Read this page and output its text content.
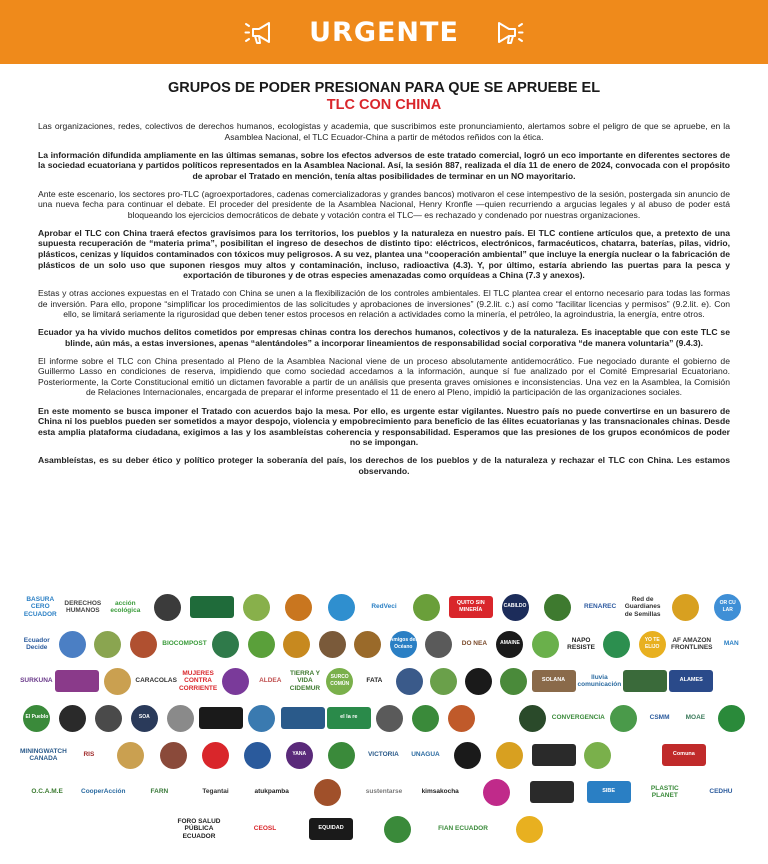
URGENTE
GRUPOS DE PODER PRESIONAN PARA QUE SE APRUEBE EL
TLC CON CHINA

Las organizaciones, redes, colectivos de derechos humanos, ecologistas y academia, que suscribimos este pronunciamiento, alertamos sobre el peligro de que se apruebe, en la Asamblea Nacional, el TLC Ecuador-China a partir de métodos reñidos con la ética.

La información difundida ampliamente en las últimas semanas, sobre los efectos adversos de este tratado comercial, logró un eco importante en diferentes sectores de la sociedad ecuatoriana y partidos políticos representados en la Asamblea Nacional. Así, la sesión 887, realizada el día 11 de enero de 2024, convocada con el propósito de aprobar el Tratado en mención, tenía altas posibilidades de terminar en un NO mayoritario.

Ante este escenario, los sectores pro-TLC (agroexportadores, cadenas comercializadoras y grandes bancos) motivaron el cese intempestivo de la sesión, postergada sin anuncio de una nueva fecha para continuar el debate. El proceder del presidente de la Asamblea Nacional, Henry Kronfle —quien recurriendo a argucias legales y al abuso de poder está bloqueando los ejercicios democráticos de debate y votación contra el TLC— es rechazado y condenado por nuestras organizaciones.

Aprobar el TLC con China traerá efectos gravísimos para los territorios, los pueblos y la naturaleza en nuestro país. El TLC contiene artículos que, a pretexto de una supuesta recuperación de “materia prima”, posibilitan el ingreso de desechos de distinto tipo: eléctricos, electrónicos, farmacéuticos, chatarra, baterías, pilas, vidrio, plásticos, cenizas y líquidos contaminados con tóxicos muy peligrosos. A su vez, plantea una “cooperación ambiental” que incluye la energía nuclear o la fabricación de plásticos de un solo uso que suponen riesgos muy altos y contaminación, incluso, radioactiva (4.3). Y, por último, estaría abriendo las puertas para la pesca y exportación de tiburones y de otras especies amenazadas como orquídeas a China (7.3 y anexos).

Estas y otras acciones expuestas en el Tratado con China se unen a la flexibilización de los controles ambientales. El TLC plantea crear el entorno necesario para todas las formas de inversión. Para ello, propone “simplificar los procedimientos de las solicitudes y aprobaciones de inversiones” (9.2.lit. c.) así como “facilitar licencias y permisos” (9.2.lit. e). Con ello, se limitará seriamente la rigurosidad que deben tener estos procesos en relación a actividades como la minería, el petróleo, la agroindustria, la energía, entre otros.

Ecuador ya ha vivido muchos delitos cometidos por empresas chinas contra los derechos humanos, colectivos y de la naturaleza. Es inaceptable que con este TLC se blinde, aún más, a estas inversiones, apenas “alentándoles” a incorporar lineamientos de responsabilidad social corporativa “de manera voluntaria” (9.4.3).

El informe sobre el TLC con China presentado al Pleno de la Asamblea Nacional viene de un proceso absolutamente antidemocrático. Fue negociado durante el gobierno de Guillermo Lasso en condiciones de reserva, impidiendo que como sociedad accedamos a la información, aunque sí fue analizado por el Comité Empresarial Ecuatoriano. Posteriormente, la Corte Constitucional emitió un dictamen favorable a partir de un análisis que presenta graves omisiones e inconsistencias. Una vez en la Asamblea, la Comisión de Relaciones Internacionales, encargada de preparar el informe presentado el 11 de enero al Pleno, impidió la participación de las organizaciones sociales.

En este momento se busca imponer el Tratado con acuerdos bajo la mesa. Por ello, es urgente estar vigilantes. Nuestro país no puede convertirse en un basurero de China ni los pueblos pueden ser sometidos a mayor despojo, violencia y empobrecimiento para beneficio de las élites ecuatorianas y las transnacionales chinas. Desde esta amplia plataforma ciudadana, exigimos a las y los asambleístas coherencia y responsabilidad. Esperamos que las presiones de los grupos económicos de poder no se impongan.

Asambleístas, es su deber ético y político proteger la soberanía del país, los derechos de los pueblos y de la naturaleza y rechazar el TLC con China. Les estamos observando.

BASURA CERO ECUADOR
DERECHOS HUMANOS
acción ecológica
RedVeci
QUITO SIN MINERÍA
CABILDO	RENAREC
Red de Guardianes de Semillas
OR CU LAR
Ecuador Decide
BIOCOMPOST
Amigos del Océano	DO NEA	AMAINE	NAPO RESISTE
YO TE ELIJO
AF AMAZON FRONTLINES
MAN
SURKUNA	CARACOLAS
MUJERES CONTRA CORRIENTE
ALDEA
TIERRA Y VIDA CIDEMUR
SURCO COMÚN	FATA	SOLANA	lluvia comunicación
ALAMES
El Pueblo	SOA	el la re	CONVERGENCIA	CSMM MOAE
MININGWATCH CANADA
RIS	YANA	VICTORIA UNAGUA	Comuna
O.C.A.M.E	CooperAcción	FARN	Tegantai	atukpamba	sustentarse	kimsakocha	SIBE	PLASTIC PLANET
CEDHU
FORO SALUD PÚBLICA ECUADOR
CEOSL	EQUIDAD	FIAN ECUADOR
